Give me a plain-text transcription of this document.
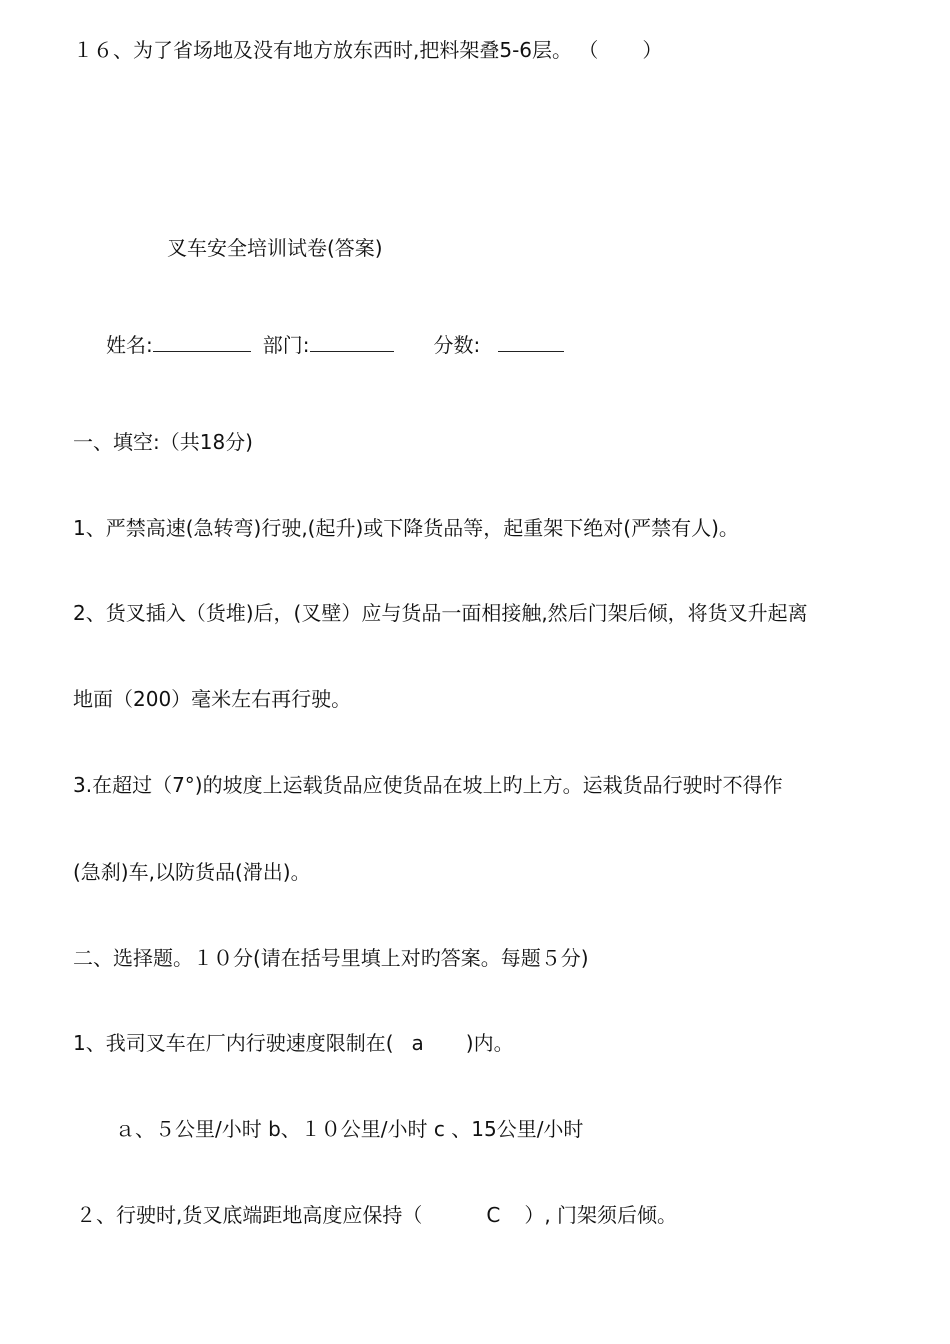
１６、为了省场地及没有地方放东西时,把料架叠5-6层。 （ ）
叉车安全培训试卷(答案)
姓名:	部门:	分数:
一、填空:（共18分)
1、严禁高速(急转弯)行驶,(起升)或下降货品等，起重架下绝对(严禁有人)。
2、货叉插入（货堆)后，(叉壁）应与货品一面相接触,然后门架后倾，将货叉升起离
地面（200）毫米左右再行驶。
3.在超过（7°)的坡度上运载货品应使货品在坡上旳上方。运栽货品行驶时不得作
(急刹)车,以防货品(滑出)。
二、选择题。１０分(请在括号里填上对旳答案。每题５分)
1、我司叉车在厂内行驶速度限制在( a )内。
ａ、５公里/小时 b、１０公里/小时 c 、15公里/小时
２、行驶时,货叉底端距地高度应保持（	C ）, 门架须后倾。
